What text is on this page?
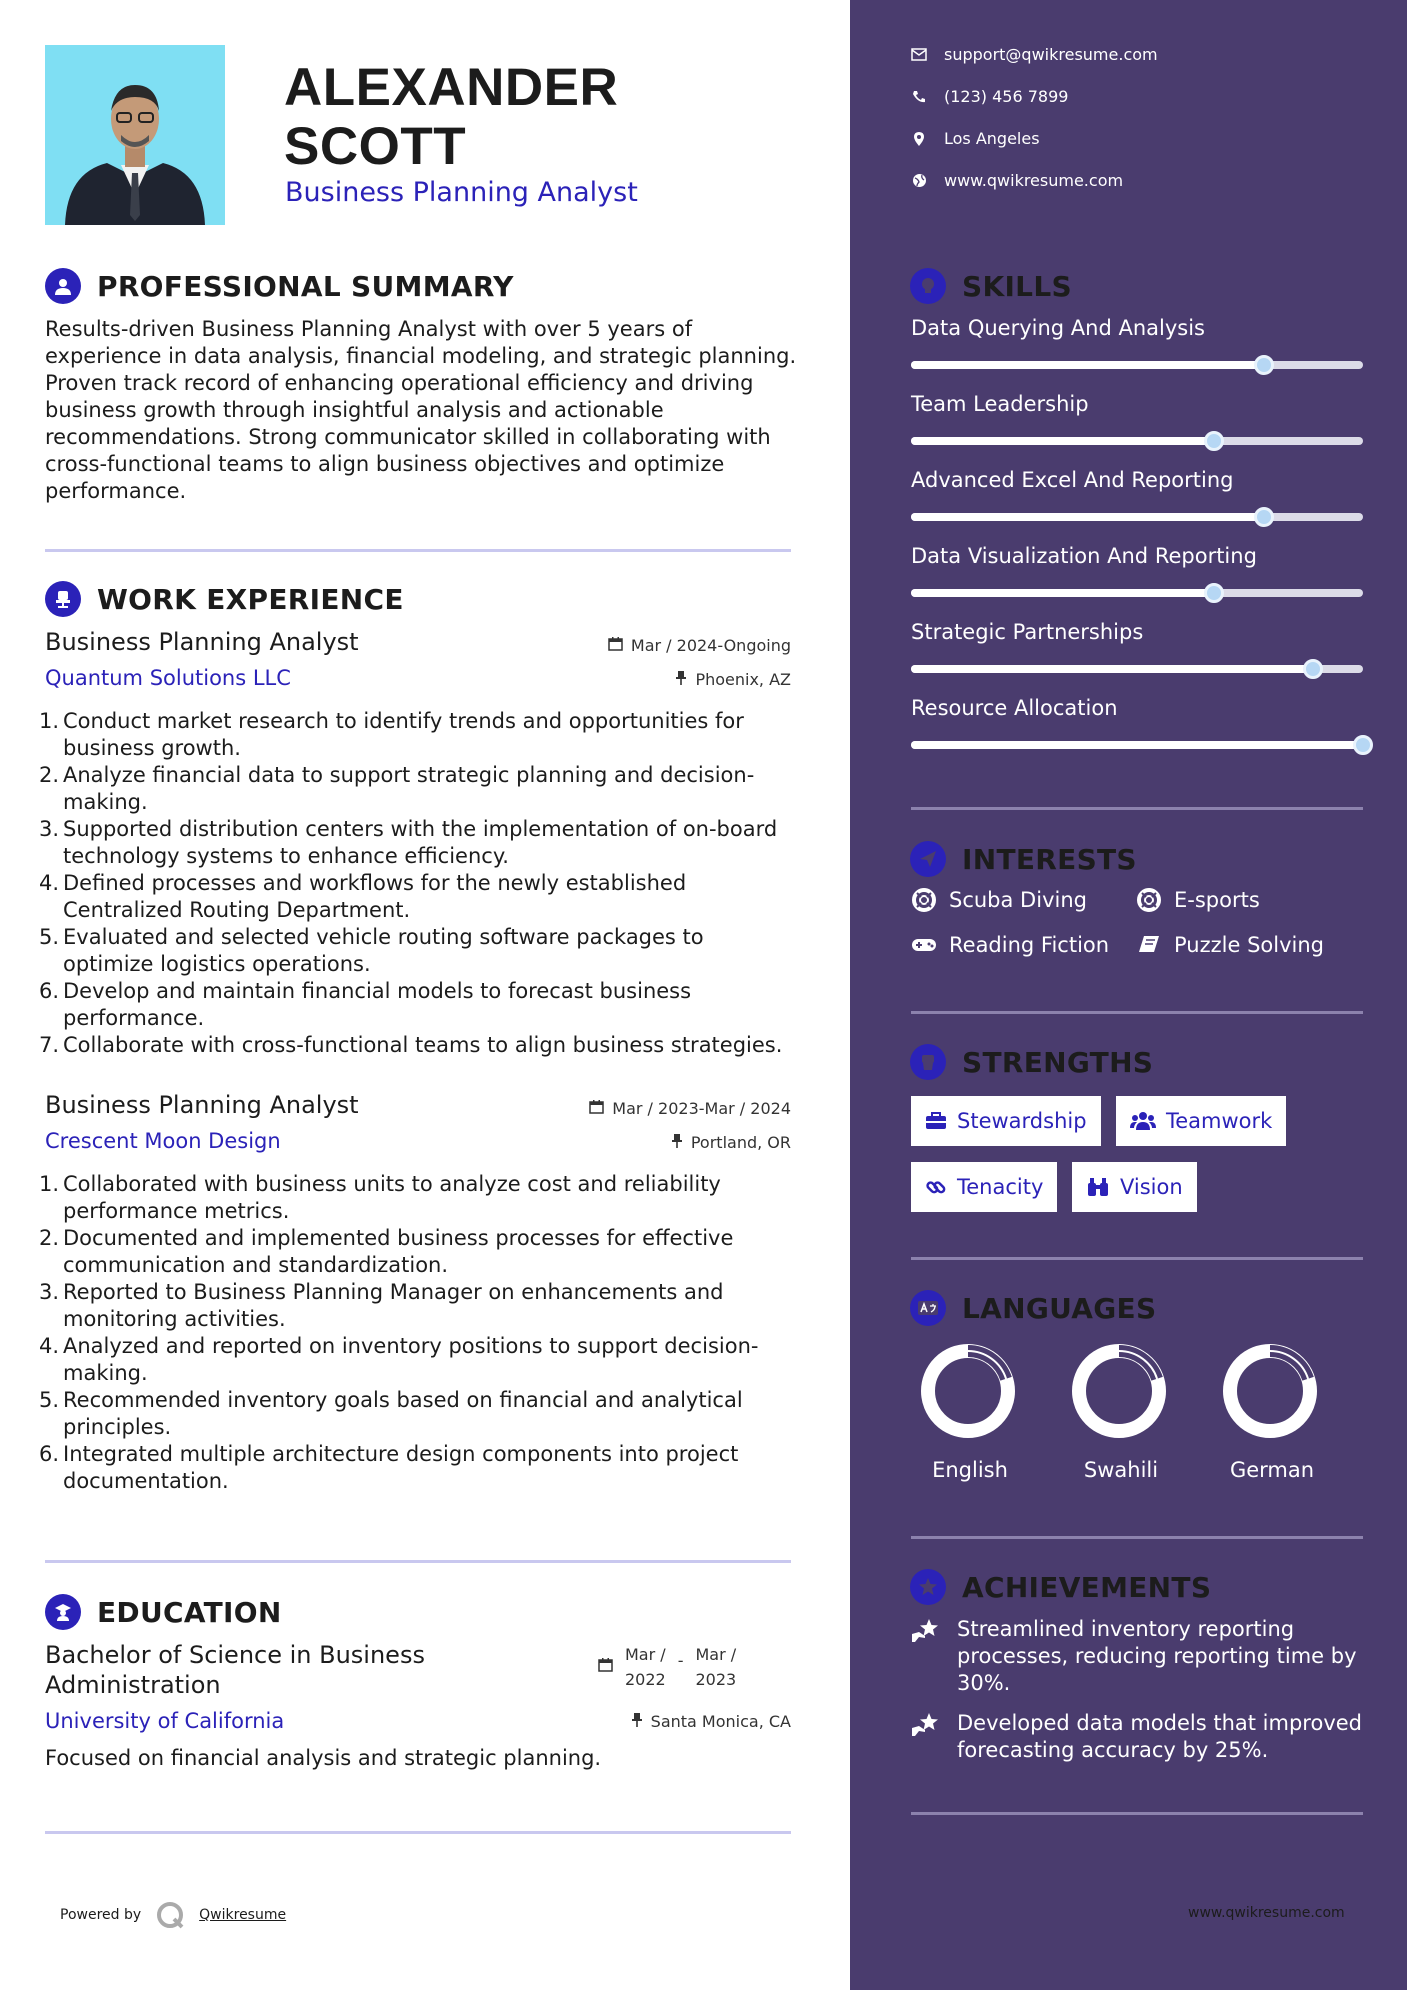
ALEXANDER
SCOTT
Business Planning Analyst
PROFESSIONAL SUMMARY
Results-driven Business Planning Analyst with over 5 years of
experience in data analysis, financial modeling, and strategic planning.
Proven track record of enhancing operational efficiency and driving
business growth through insightful analysis and actionable
recommendations. Strong communicator skilled in collaborating with
cross-functional teams to align business objectives and optimize
performance.
WORK EXPERIENCE
Business Planning Analyst
Quantum Solutions LLC
Mar / 2024-Ongoing
Phoenix, AZ
1. Conduct market research to identify trends and opportunities for
business growth.
2. Analyze financial data to support strategic planning and decision-
making.
3. Supported distribution centers with the implementation of on-board
technology systems to enhance efficiency.
4. Defined processes and workflows for the newly established
Centralized Routing Department.
5. Evaluated and selected vehicle routing software packages to
optimize logistics operations.
6. Develop and maintain financial models to forecast business
performance.
7. Collaborate with cross-functional teams to align business strategies.
Business Planning Analyst
Crescent Moon Design
Mar / 2023-Mar / 2024
Portland, OR
1. Collaborated with business units to analyze cost and reliability
performance metrics.
2. Documented and implemented business processes for effective
communication and standardization.
3. Reported to Business Planning Manager on enhancements and
monitoring activities.
4. Analyzed and reported on inventory positions to support decision-
making.
5. Recommended inventory goals based on financial and analytical
principles.
6. Integrated multiple architecture design components into project
documentation.
EDUCATION
Bachelor of Science in Business
Administration
Mar /
2022
- Mar /
2023
University of California	Santa Monica, CA
Focused on financial analysis and strategic planning.
Powered by	Qwikresume
support@qwikresume.com
(123) 456 7899
Los Angeles
www.qwikresume.com
SKILLS
Data Querying And Analysis
Team Leadership
Advanced Excel And Reporting
Data Visualization And Reporting
Strategic Partnerships
Resource Allocation
INTERESTS
Scuba Diving	E-sports
Reading Fiction	Puzzle Solving
STRENGTHS
Stewardship	Teamwork
Tenacity	Vision
LANGUAGES
English	Swahili	German
ACHIEVEMENTS
Streamlined inventory reporting
processes, reducing reporting time by
30%.
Developed data models that improved
forecasting accuracy by 25%.
www.qwikresume.com
